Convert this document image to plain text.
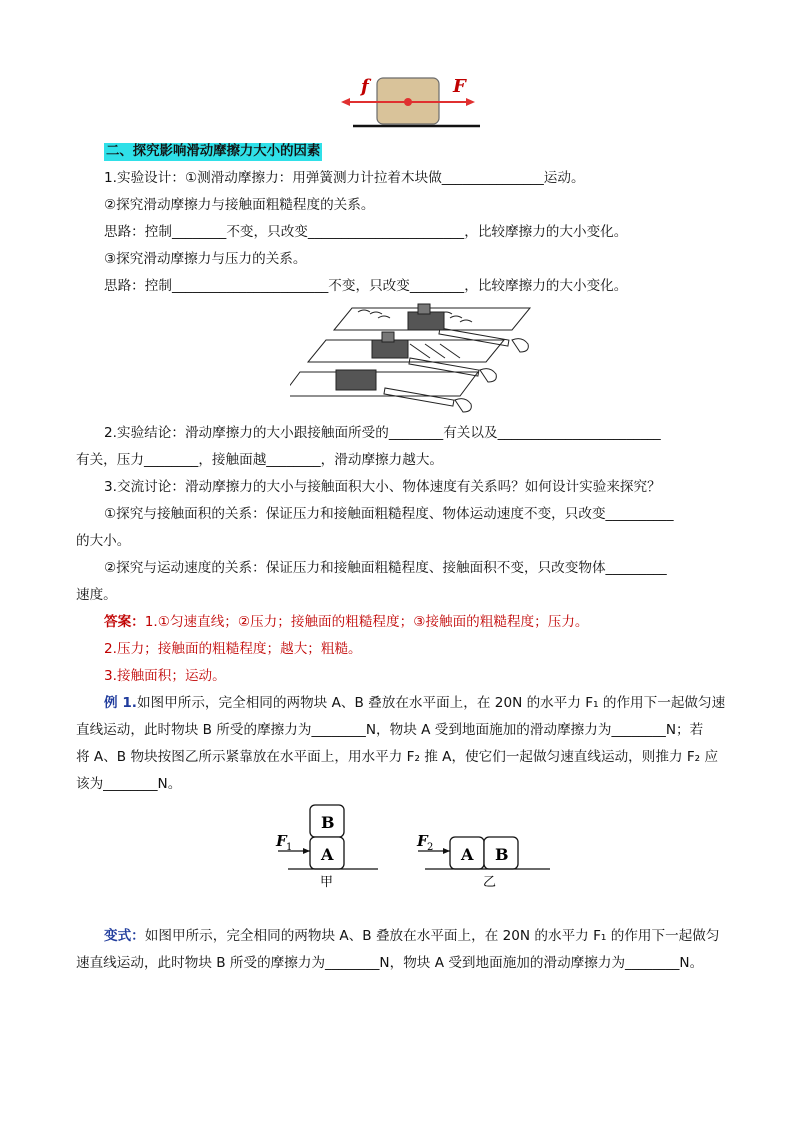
f	F
二、探究影响滑动摩擦力大小的因素
1.实验设计：①测滑动摩擦力：用弹簧测力计拉着木块做_______________运动。
②探究滑动摩擦力与接触面粗糙程度的关系。
思路：控制________不变，只改变_______________________，比较摩擦力的大小变化。
③探究滑动摩擦力与压力的关系。
思路：控制_______________________不变，只改变________，比较摩擦力的大小变化。
2.实验结论：滑动摩擦力的大小跟接触面所受的________有关以及________________________
有关，压力________，接触面越________，滑动摩擦力越大。
3.交流讨论：滑动摩擦力的大小与接触面积大小、物体速度有关系吗？如何设计实验来探究？
①探究与接触面积的关系：保证压力和接触面粗糙程度、物体运动速度不变，只改变__________
的大小。
②探究与运动速度的关系：保证压力和接触面粗糙程度、接触面积不变，只改变物体_________
速度。
答案：1.①匀速直线；②压力；接触面的粗糙程度；③接触面的粗糙程度；压力。
2.压力；接触面的粗糙程度；越大；粗糙。
3.接触面积；运动。
例 1.如图甲所示，完全相同的两物块 A、B 叠放在水平面上，在 20N 的水平力 F₁ 的作用下一起做匀速
直线运动，此时物块 B 所受的摩擦力为________N，物块 A 受到地面施加的滑动摩擦力为________N；若
将 A、B 物块按图乙所示紧靠放在水平面上，用水平力 F₂ 推 A，使它们一起做匀速直线运动，则推力 F₂ 应
该为________N。
B
A
F 1	A B
F 2
甲	乙
变式：如图甲所示，完全相同的两物块 A、B 叠放在水平面上，在 20N 的水平力 F₁ 的作用下一起做匀
速直线运动，此时物块 B 所受的摩擦力为________N，物块 A 受到地面施加的滑动摩擦力为________N。
